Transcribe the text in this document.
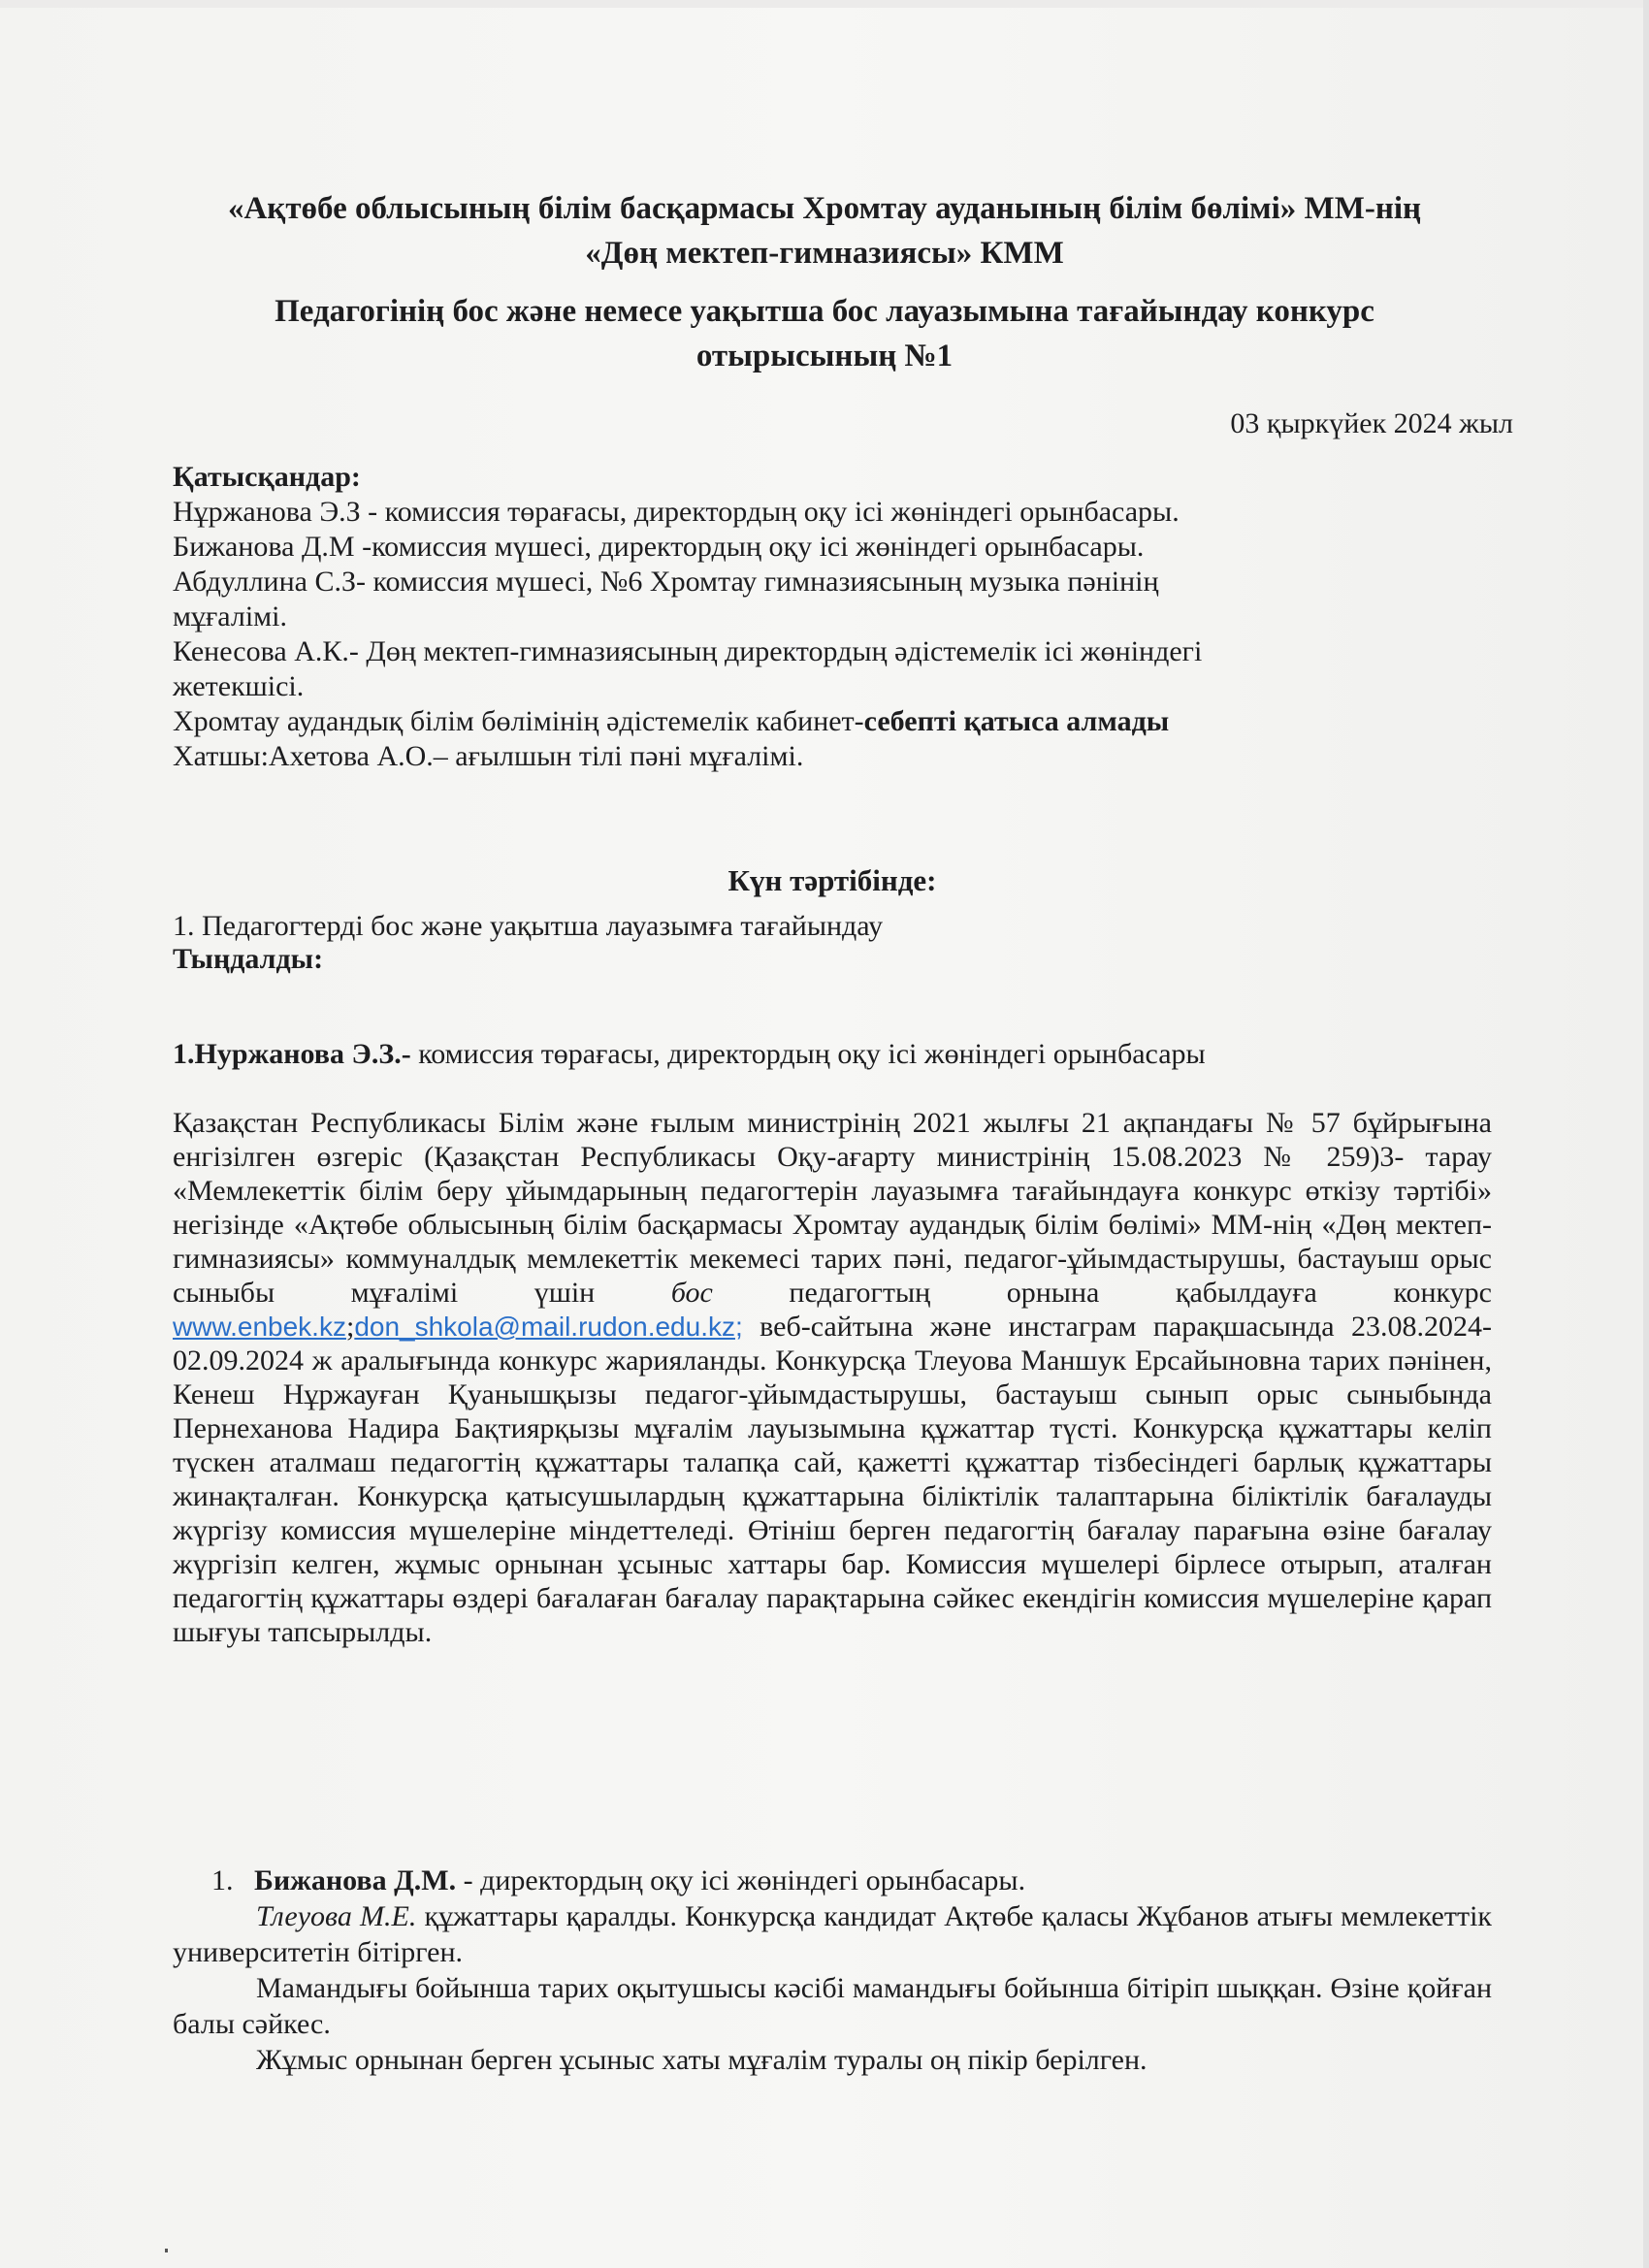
«Ақтөбе облысының білім басқармасы Хромтау ауданының білім бөлімі» ММ-нің
«Дөң мектеп-гимназиясы» КММ
Педагогінің бос және немесе уақытша бос лауазымына тағайындау конкурс
отырысының №1
03 қыркүйек 2024 жыл
Қатысқандар:
Нұржанова Э.З - комиссия төрағасы, директордың оқу ісі жөніндегі орынбасары.
Бижанова Д.М -комиссия мүшесі, директордың оқу ісі жөніндегі орынбасары.
Абдуллина С.З- комиссия мүшесі, №6 Хромтау гимназиясының музыка пәнінің
мұғалімі.
Кенесова А.К.- Дөң мектеп-гимназиясының директордың әдістемелік ісі жөніндегі
жетекшісі.
Хромтау аудандық білім бөлімінің әдістемелік кабинет-себепті қатыса алмады
Хатшы:Ахетова А.О.– ағылшын тілі пәні мұғалімі.
Күн тәртібінде:
1. Педагогтерді бос және уақытша лауазымға тағайындау
Тыңдалды:
1.Нуржанова Э.З.- комиссия төрағасы, директордың оқу ісі жөніндегі орынбасары

Қазақстан Республикасы Білім және ғылым министрінің 2021 жылғы 21 ақпандағы № 57 бұйрығына енгізілген өзгеріс (Қазақстан Республикасы Оқу-ағарту министрінің 15.08.2023 № 259)3- тарау «Мемлекеттік білім беру ұйымдарының педагогтерін лауазымға тағайындауға конкурс өткізу тәртібі» негізінде «Ақтөбе облысының білім басқармасы Хромтау аудандық білім бөлімі» ММ-нің «Дөң мектеп-гимназиясы» коммуналдық мемлекеттік мекемесі тарих пәні, педагог-ұйымдастырушы, бастауыш орыс сыныбы мұғалімі үшін бос педагогтың орнына қабылдауға конкурс www.enbek.kz;don_shkola@mail.rudon.edu.kz; веб-сайтына және инстаграм парақшасында 23.08.2024-02.09.2024 ж аралығында конкурс жарияланды. Конкурсқа Тлеуова Маншук Ерсайыновна тарих пәнінен, Кенеш Нұржауған Қуанышқызы педагог-ұйымдастырушы, бастауыш сынып орыс сыныбында Пернеханова Надира Бақтиярқызы мұғалім лауызымына құжаттар түсті. Конкурсқа құжаттары келіп түскен аталмаш педагогтің құжаттары талапқа сай, қажетті құжаттар тізбесіндегі барлық құжаттары жинақталған. Конкурсқа қатысушылардың құжаттарына біліктілік талаптарына біліктілік бағалауды жүргізу комиссия мүшелеріне міндеттеледі. Өтініш берген педагогтің бағалау парағына өзіне бағалау жүргізіп келген, жұмыс орнынан ұсыныс хаттары бар. Комиссия мүшелері бірлесе отырып, аталған педагогтің құжаттары өздері бағалаған бағалау парақтарына сәйкес екендігін комиссия мүшелеріне қарап шығуы тапсырылды.

1. Бижанова Д.М. - директордың оқу ісі жөніндегі орынбасары.

Тлеуова М.Е. құжаттары қаралды. Конкурсқа кандидат Ақтөбе қаласы Жұбанов атығы мемлекеттік университетін бітірген.

Мамандығы бойынша тарих оқытушысы кәсібі мамандығы бойынша бітіріп шыққан. Өзіне қойған балы сәйкес.

Жұмыс орнынан берген ұсыныс хаты мұғалім туралы оң пікір берілген.
